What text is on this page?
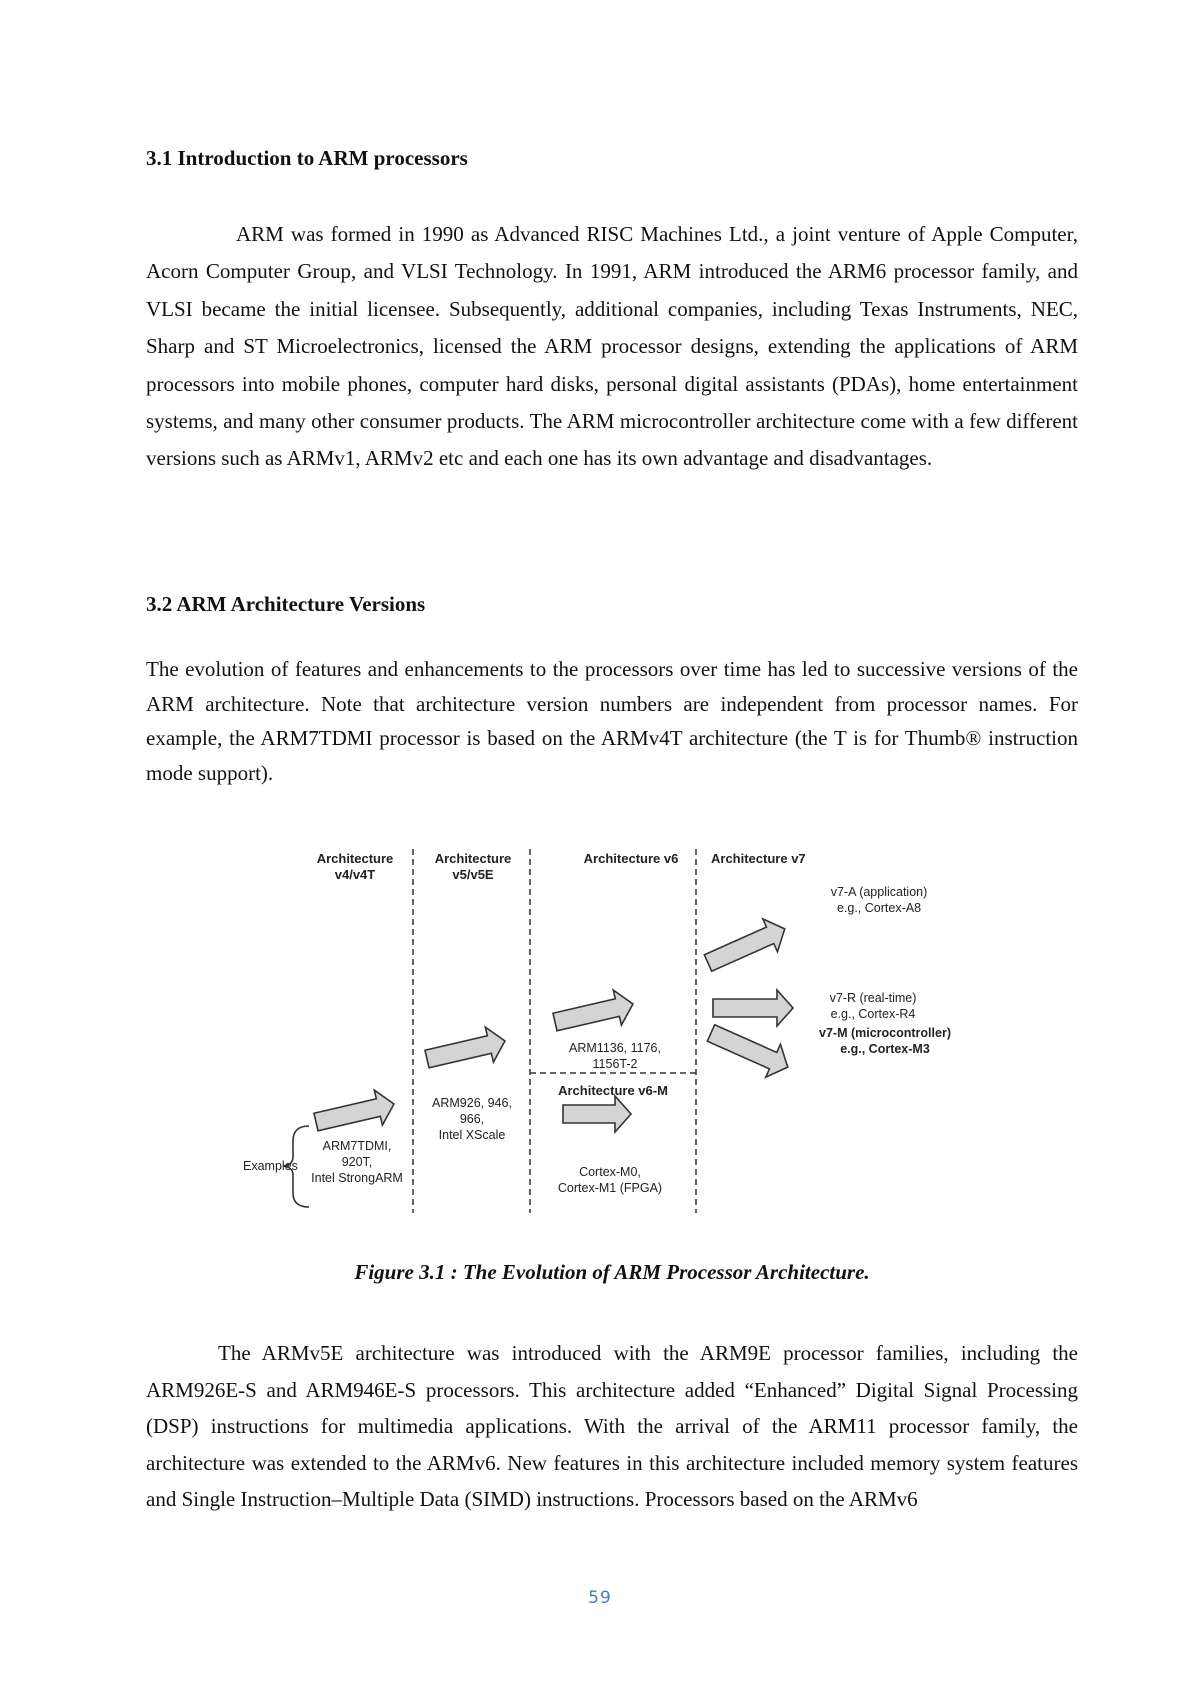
3.1 Introduction to ARM processors

ARM was formed in 1990 as Advanced RISC Machines Ltd., a joint venture of Apple Computer, Acorn Computer Group, and VLSI Technology. In 1991, ARM introduced the ARM6 processor family, and VLSI became the initial licensee. Subsequently, additional companies, including Texas Instruments, NEC, Sharp and ST Microelectronics, licensed the ARM processor designs, extending the applications of ARM processors into mobile phones, computer hard disks, personal digital assistants (PDAs), home entertainment systems, and many other consumer products. The ARM microcontroller architecture come with a few different versions such as ARMv1, ARMv2 etc and each one has its own advantage and disadvantages.

3.2 ARM Architecture Versions

The evolution of features and enhancements to the processors over time has led to successive versions of the ARM architecture. Note that architecture version numbers are independent from processor names. For example, the ARM7TDMI processor is based on the ARMv4T architecture (the T is for Thumb® instruction mode support).

Figure 3.1 : The Evolution of ARM Processor Architecture.

The ARMv5E architecture was introduced with the ARM9E processor families, including the ARM926E-S and ARM946E-S processors. This architecture added “Enhanced” Digital Signal Processing (DSP) instructions for multimedia applications. With the arrival of the ARM11 processor family, the architecture was extended to the ARMv6. New features in this architecture included memory system features and Single Instruction–Multiple Data (SIMD) instructions. Processors based on the ARMv6

Architecture
v4/v4T
Architecture
v5/v5E
Architecture v6	Architecture v7
Architecture v6-M
Examples
ARM7TDMI,
920T,
Intel StrongARM
ARM926, 946,
966,
Intel XScale
ARM1136, 1176,
1156T-2
Cortex-M0,
Cortex-M1 (FPGA)
v7-A (application)
e.g., Cortex-A8
v7-R (real-time)
e.g., Cortex-R4
v7-M (microcontroller)
e.g., Cortex-M3
59
